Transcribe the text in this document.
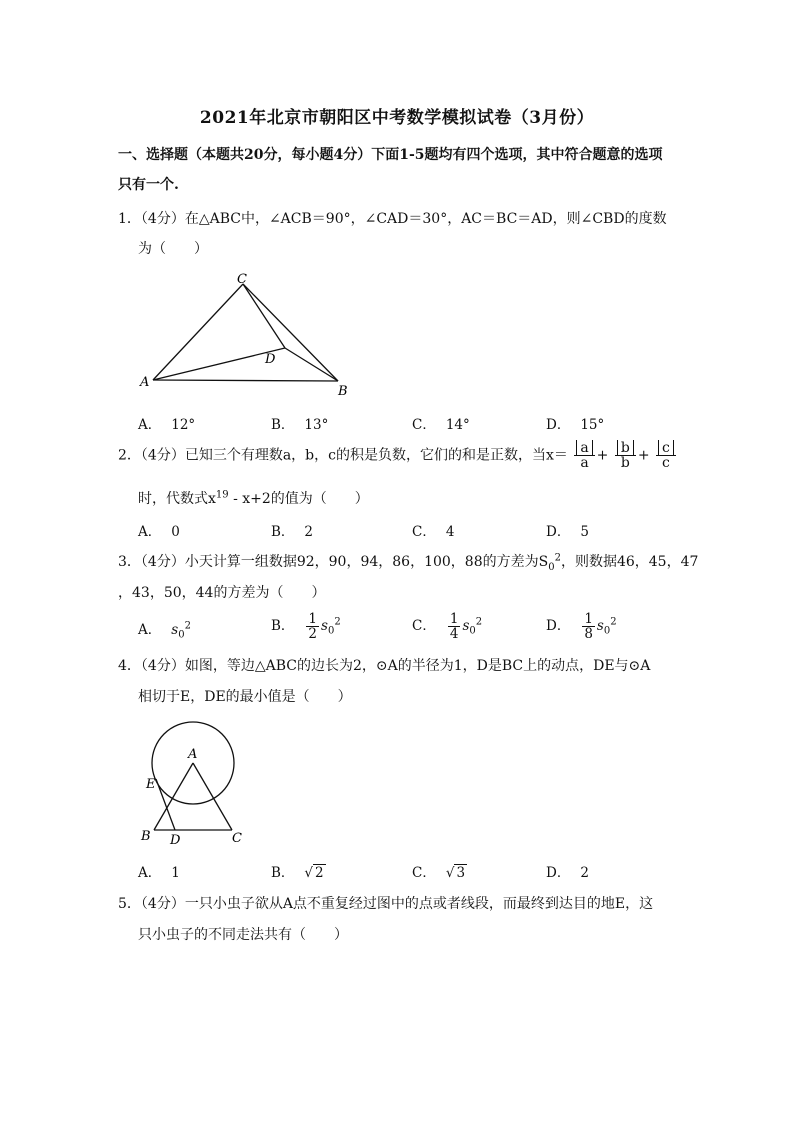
2021年北京市朝阳区中考数学模拟试卷（3月份）
一、选择题（本题共20分，每小题4分）下面1-5题均有四个选项，其中符合题意的选项
只有一个.
1．（4分）在△ABC中，∠ACB＝90°，∠CAD＝30°，AC＝BC＝AD，则∠CBD的度数
为（　　）
C
D
A
B
A． 12°	B． 13°	C． 14°	D． 15°
2．（4分）已知三个有理数a，b，c的积是负数，它们的和是正数，当$x= \frac{a}{a} + \frac{b}{b} + \frac{c}{c}$
时，代数式$x^{19} - x+2$的值为（　　）
A． 0	B． 2	C． 4	D． 5
3．（4分）小天计算一组数据92，90，94，86，100，88的方差为$S_0^2$，则数据46，45，47
，43，50，44的方差为（　　）
A． $s_0^2$	B． $\frac{1}{2} s_0^2$	C． $\frac{1}{4} s_0^2$	D． $\frac{1}{8} s_0^2$
4．（4分）如图，等边△ABC的边长为2，⊙A的半径为1，D是BC上的动点，DE与⊙A
相切于E，DE的最小值是（　　）
A
E
B D	C
A． 1	B． √ 2	C． √ 3	D． 2
5．（4分）一只小虫子欲从A点不重复经过图中的点或者线段，而最终到达目的地E，这
只小虫子的不同走法共有（　　）
